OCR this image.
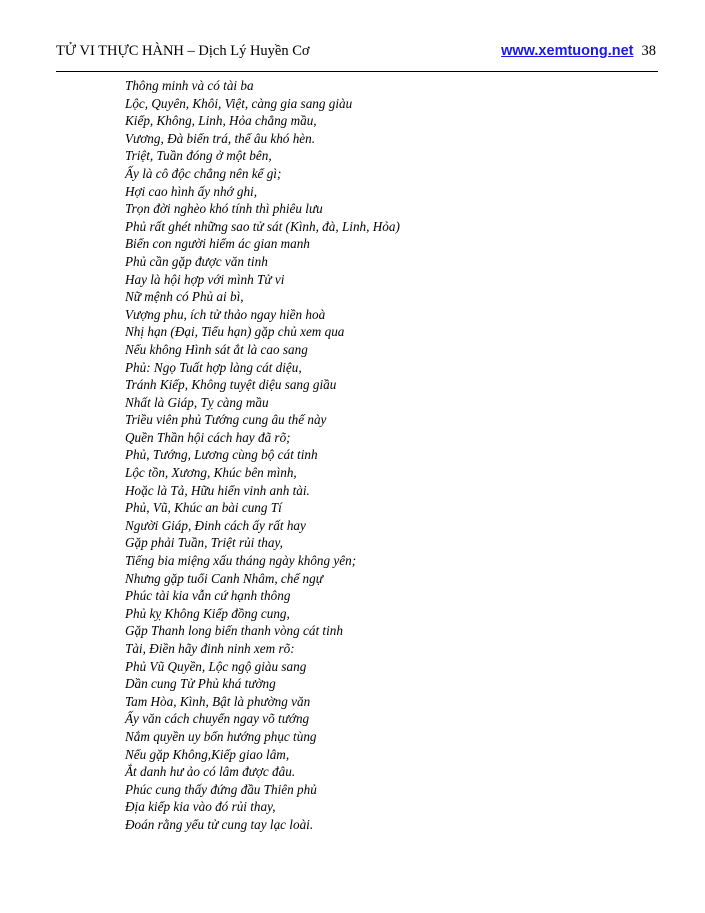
TỬ VI THỰC HÀNH – Dịch Lý Huyền Cơ	www.xemtuong.net 38
Thông minh và có tài ba
Lộc, Quyên, Khôi, Việt, càng gia sang giàu
Kiếp, Không, Linh, Hỏa chẳng mầu,
Vương, Đà biến trá, thế âu khó hèn.
Triệt, Tuần đóng ở một bên,
Ấy là cô độc chẳng nên kể gì;
Hợi cao hình ấy nhớ ghi,
Trọn đời nghèo khó tính thì phiêu lưu
Phủ rất ghét những sao tử sát (Kình, đà, Linh, Hỏa)
Biến con người hiểm ác gian manh
Phủ cần gặp được văn tinh
Hay là hội hợp với mình Tử vi
Nữ mệnh có Phủ ai bì,
Vượng phu, ích tử thảo ngay hiền hoà
Nhị hạn (Đại, Tiểu hạn) gặp chủ xem qua
Nếu không Hình sát ắt là cao sang
Phủ: Ngọ Tuất hợp làng cát diệu,
Tránh Kiếp, Không tuyệt diệu sang giầu
Nhất là Giáp, Tỵ càng mầu
Triều viên phủ Tướng cung âu thế này
Quền Thần hội cách hay đã rõ;
Phủ, Tướng, Lương cùng bộ cát tinh
Lộc tồn, Xương, Khúc bên mình,
Hoặc là Tả, Hữu hiển vinh anh tài.
Phủ, Vũ, Khúc an bài cung Tí
Người Giáp, Đinh cách ấy rất hay
Gặp phải Tuần, Triệt rủi thay,
Tiếng bia miệng xấu tháng ngày không yên;
Nhưng gặp tuổi Canh Nhâm, chế ngự
Phúc tài kia vẫn cứ hạnh thông
Phủ kỵ Không Kiếp đồng cung,
Gặp Thanh long biến thanh vòng cát tinh
Tài, Điền hãy đinh ninh xem rõ:
Phủ Vũ Quyền, Lộc ngộ giàu sang
Dần cung Tử Phủ khá tường
Tam Hòa, Kình, Bật là phường văn
Ấy văn cách chuyển ngay võ tướng
Nắm quyền uy bốn hướng phục tùng
Nếu gặp Không,Kiếp giao lâm,
Ắt danh hư ảo có lâm được đâu.
Phúc cung thấy đứng đầu Thiên phủ
Địa kiếp kia vào đó rủi thay,
Đoán rằng yểu tử cung tay lạc loài.
